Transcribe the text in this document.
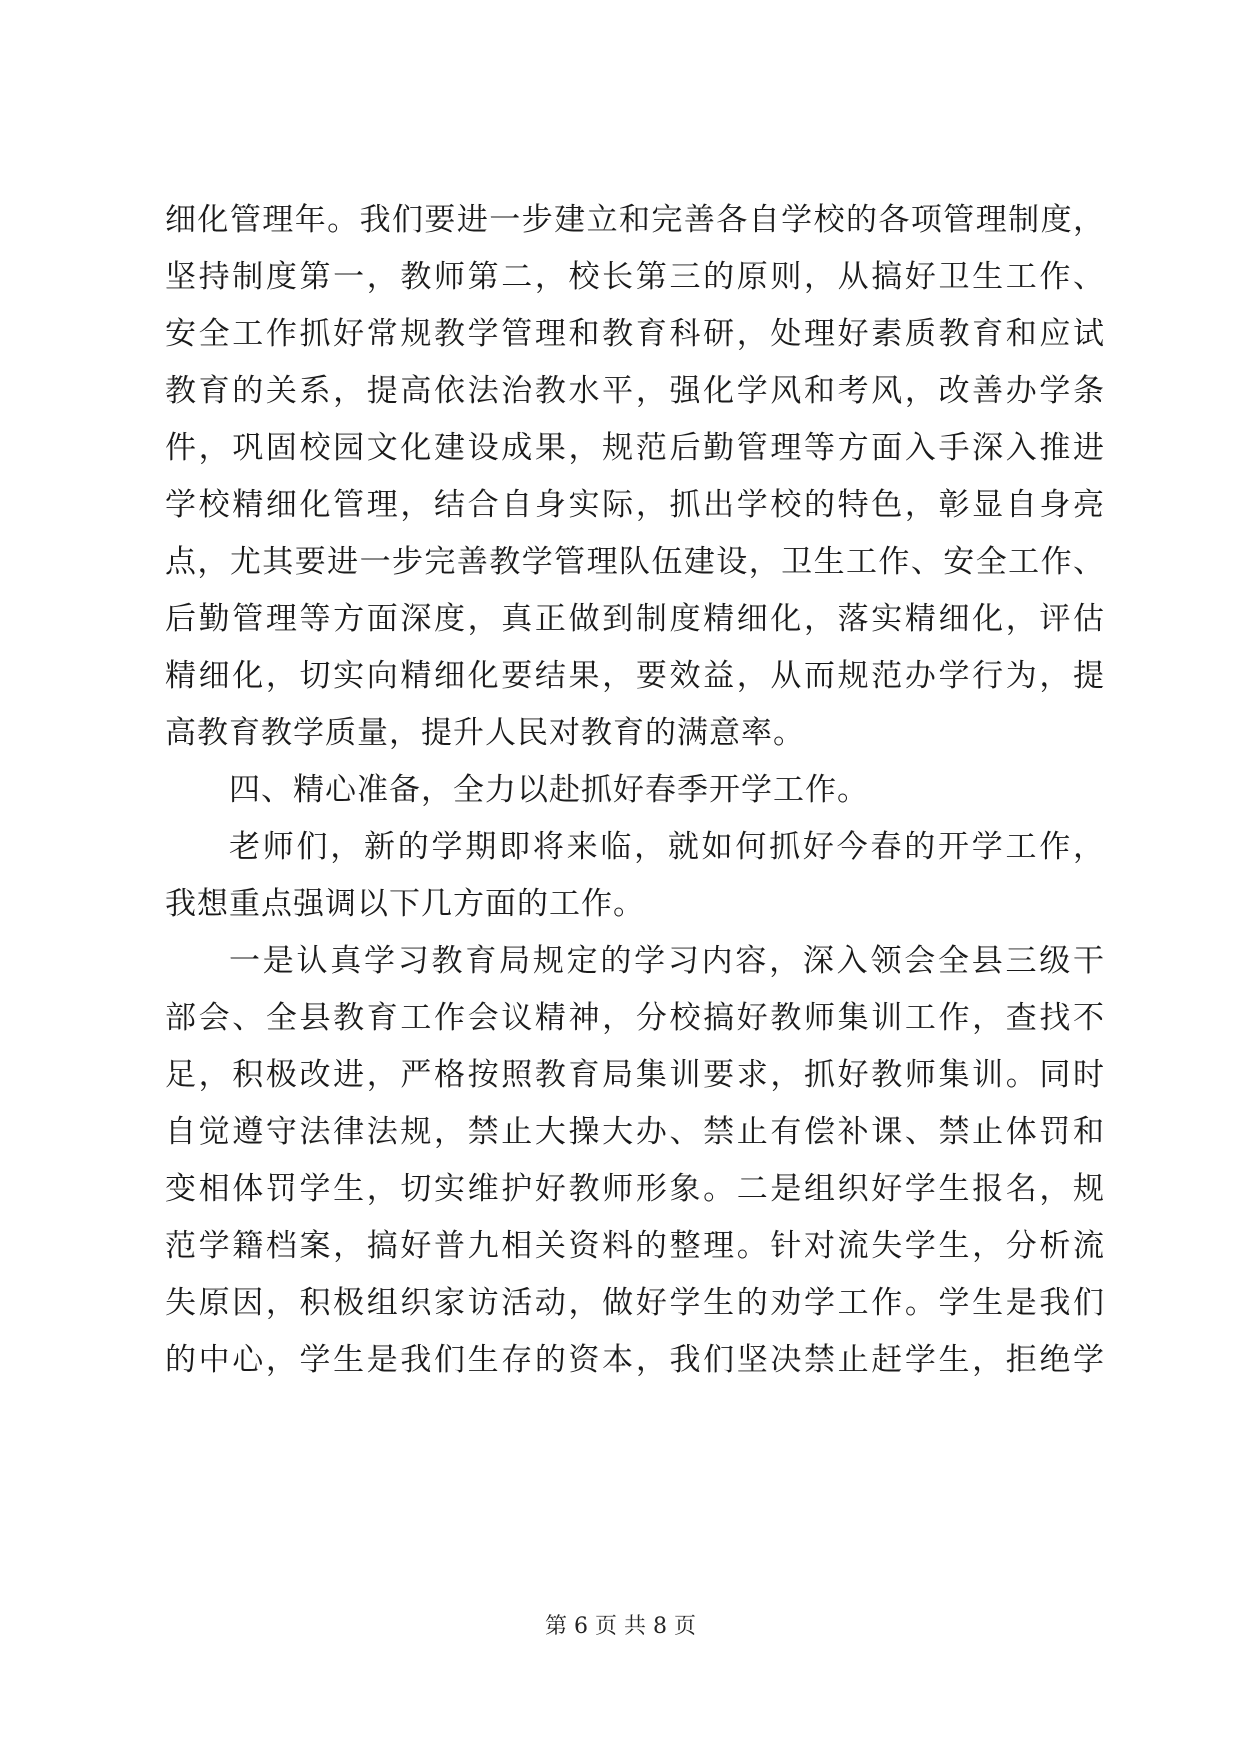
细化管理年。我们要进一步建立和完善各自学校的各项管理制度，
坚持制度第一，教师第二，校长第三的原则，从搞好卫生工作、
安全工作抓好常规教学管理和教育科研，处理好素质教育和应试
教育的关系，提高依法治教水平，强化学风和考风，改善办学条
件，巩固校园文化建设成果，规范后勤管理等方面入手深入推进
学校精细化管理，结合自身实际，抓出学校的特色，彰显自身亮
点，尤其要进一步完善教学管理队伍建设，卫生工作、安全工作、
后勤管理等方面深度，真正做到制度精细化，落实精细化，评估
精细化，切实向精细化要结果，要效益，从而规范办学行为，提
高教育教学质量，提升人民对教育的满意率。
四、精心准备，全力以赴抓好春季开学工作。
老师们，新的学期即将来临，就如何抓好今春的开学工作，
我想重点强调以下几方面的工作。
一是认真学习教育局规定的学习内容，深入领会全县三级干
部会、全县教育工作会议精神，分校搞好教师集训工作，查找不
足，积极改进，严格按照教育局集训要求，抓好教师集训。同时
自觉遵守法律法规，禁止大操大办、禁止有偿补课、禁止体罚和
变相体罚学生，切实维护好教师形象。二是组织好学生报名，规
范学籍档案，搞好普九相关资料的整理。针对流失学生，分析流
失原因，积极组织家访活动，做好学生的劝学工作。学生是我们
的中心，学生是我们生存的资本，我们坚决禁止赶学生，拒绝学
第 6 页 共 8 页
